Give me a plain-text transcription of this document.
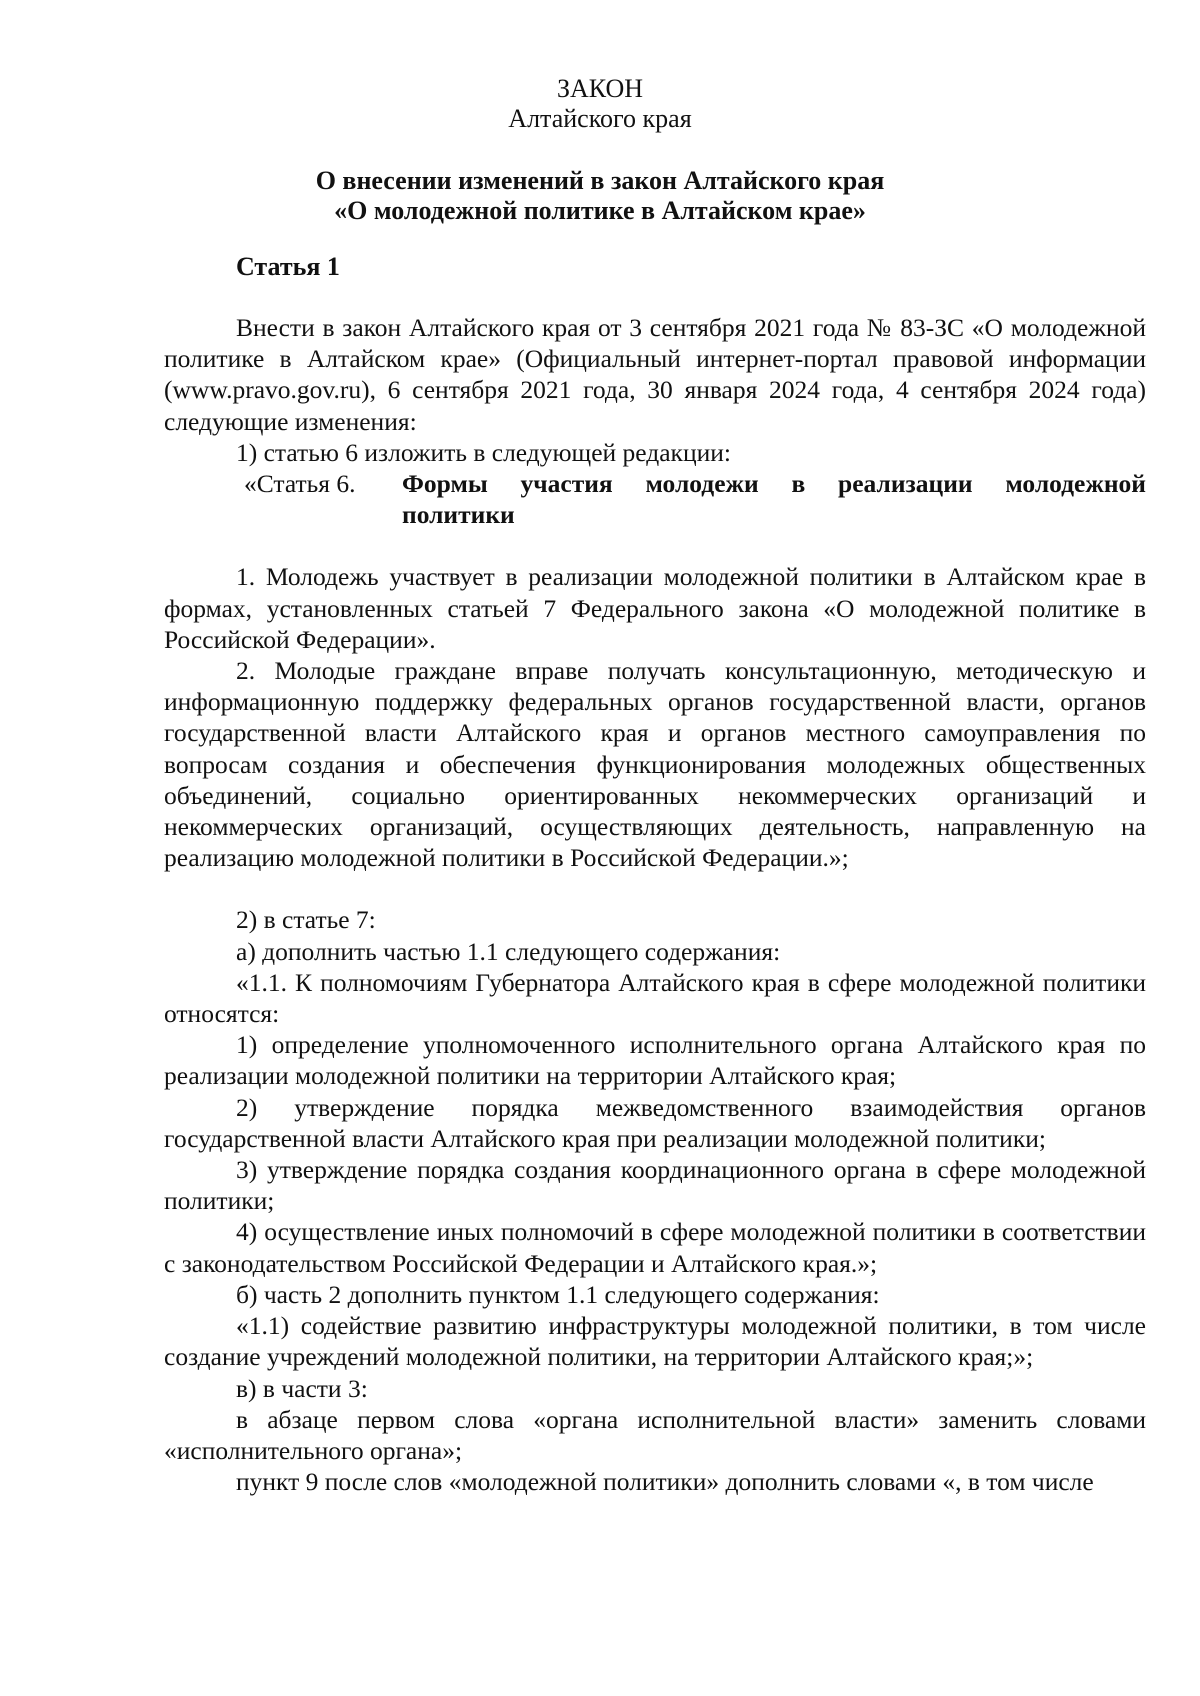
ЗАКОН
Алтайского края
О внесении изменений в закон Алтайского края
«О молодежной политике в Алтайском крае»
Статья 1

Внести в закон Алтайского края от 3 сентября 2021 года № 83-ЗС «О молодежной политике в Алтайском крае» (Официальный интернет-портал правовой информации (www.pravo.gov.ru), 6 сентября 2021 года, 30 января 2024 года, 4 сентября 2024 года) следующие изменения:

1) статью 6 изложить в следующей редакции:

«Статья 6.	Формы участия молодежи в реализации молодежной
политики

1. Молодежь участвует в реализации молодежной политики в Алтайском крае в формах, установленных статьей 7 Федерального закона «О молодежной политике в Российской Федерации».

2. Молодые граждане вправе получать консультационную, методическую и информационную поддержку федеральных органов государственной власти, органов государственной власти Алтайского края и органов местного самоуправления по вопросам создания и обеспечения функционирования молодежных общественных объединений, социально ориентированных некоммерческих организаций и некоммерческих организаций, осуществляющих деятельность, направленную на реализацию молодежной политики в Российской Федерации.»;

2) в статье 7:

а) дополнить частью 1.1 следующего содержания:

«1.1. К полномочиям Губернатора Алтайского края в сфере молодежной политики относятся:

1) определение уполномоченного исполнительного органа Алтайского края по реализации молодежной политики на территории Алтайского края;

2) утверждение порядка межведомственного взаимодействия органов государственной власти Алтайского края при реализации молодежной политики;

3) утверждение порядка создания координационного органа в сфере молодежной политики;

4) осуществление иных полномочий в сфере молодежной политики в соответствии с законодательством Российской Федерации и Алтайского края.»;

б) часть 2 дополнить пунктом 1.1 следующего содержания:

«1.1) содействие развитию инфраструктуры молодежной политики, в том числе создание учреждений молодежной политики, на территории Алтайского края;»;

в) в части 3:

в абзаце первом слова «органа исполнительной власти» заменить словами «исполнительного органа»;

пункт 9 после слов «молодежной политики» дополнить словами «, в том числе
